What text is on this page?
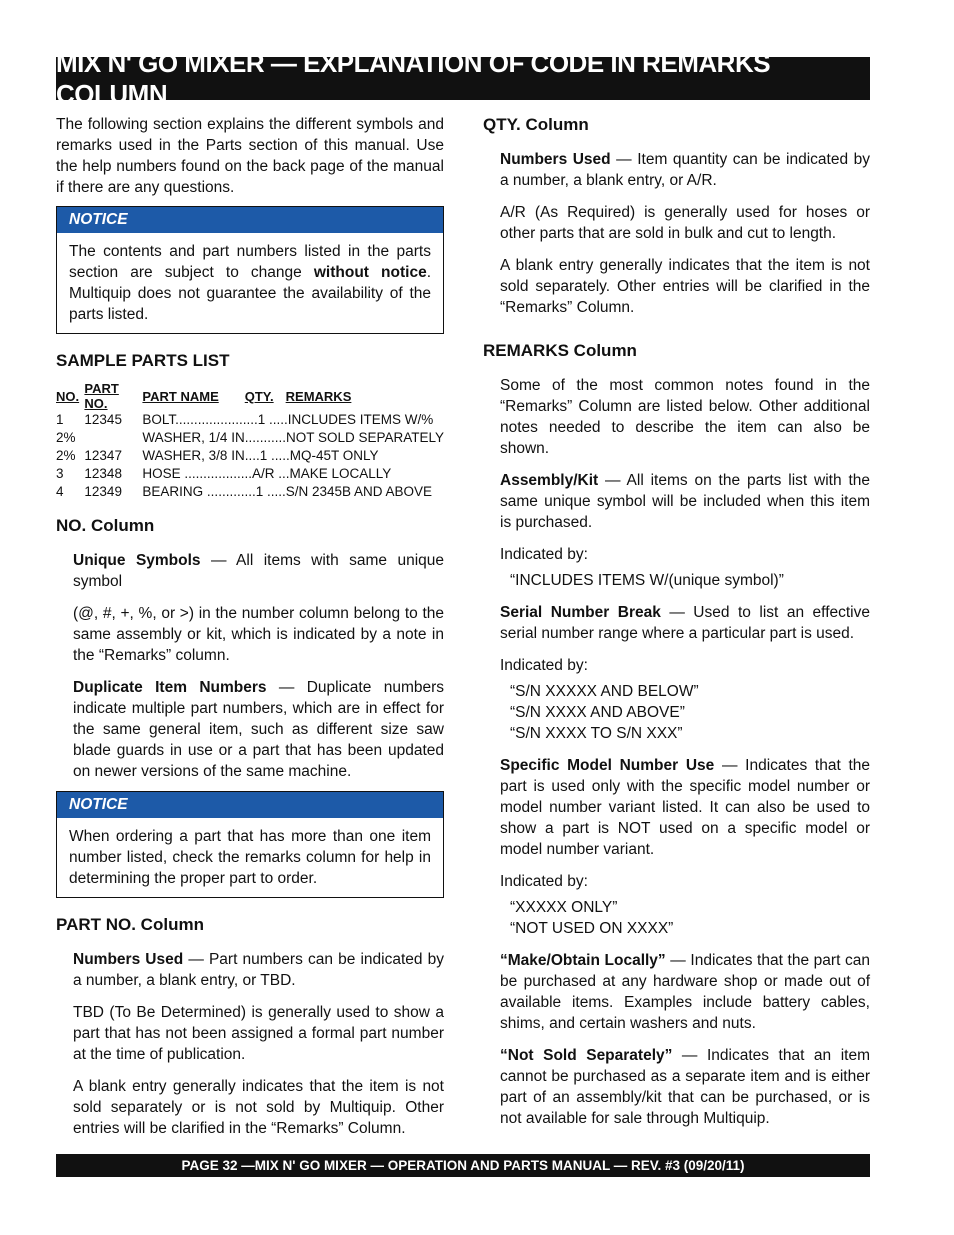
MIX N' GO MIXER — EXPLANATION OF CODE IN REMARKS COLUMN

The following section explains the different symbols and remarks used in the Parts section of this manual. Use the help numbers found on the back page of the manual if there are any questions.

NOTICE
The contents and part numbers listed in the parts section are subject to change without notice. Multiquip does not guarantee the availability of the parts listed.

SAMPLE PARTS LIST

NO.	PART NO.	PART NAME QTY. REMARKS
1	12345	BOLT......................1 .....INCLUDES ITEMS W/%
2%		WASHER, 1/4 IN...........NOT SOLD SEPARATELY
2%	12347	WASHER, 3/8 IN....1 .....MQ-45T ONLY
3	12348	HOSE ..................A/R ...MAKE LOCALLY
4	12349	BEARING .............1 .....S/N 2345B AND ABOVE

NO. Column

Unique Symbols — All items with same unique symbol

(@, #, +, %, or >) in the number column belong to the same assembly or kit, which is indicated by a note in the “Remarks” column.

Duplicate Item Numbers — Duplicate numbers indicate multiple part numbers, which are in effect for the same general item, such as different size saw blade guards in use or a part that has been updated on newer versions of the same machine.

NOTICE
When ordering a part that has more than one item number listed, check the remarks column for help in determining the proper part to order.

PART NO. Column

Numbers Used — Part numbers can be indicated by a number, a blank entry, or TBD.

TBD (To Be Determined) is generally used to show a part that has not been assigned a formal part number at the time of publication.

A blank entry generally indicates that the item is not sold separately or is not sold by Multiquip. Other entries will be clarified in the “Remarks” Column.

QTY. Column

Numbers Used — Item quantity can be indicated by a number, a blank entry, or A/R.

A/R (As Required) is generally used for hoses or other parts that are sold in bulk and cut to length.

A blank entry generally indicates that the item is not sold separately. Other entries will be clarified in the “Remarks” Column.

REMARKS Column

Some of the most common notes found in the “Remarks” Column are listed below. Other additional notes needed to describe the item can also be shown.

Assembly/Kit — All items on the parts list with the same unique symbol will be included when this item is purchased.

Indicated by:

“INCLUDES ITEMS W/(unique symbol)”

Serial Number Break — Used to list an effective serial number range where a particular part is used.

Indicated by:

“S/N XXXXX AND BELOW”

“S/N XXXX AND ABOVE”

“S/N XXXX TO S/N XXX”

Specific Model Number Use — Indicates that the part is used only with the specific model number or model number variant listed. It can also be used to show a part is NOT used on a specific model or model number variant.

Indicated by:

“XXXXX ONLY”

“NOT USED ON XXXX”

“Make/Obtain Locally” — Indicates that the part can be purchased at any hardware shop or made out of available items. Examples include battery cables, shims, and certain washers and nuts.

“Not Sold Separately” — Indicates that an item cannot be purchased as a separate item and is either part of an assembly/kit that can be purchased, or is not available for sale through Multiquip.

PAGE 32 —MIX N' GO MIXER — OPERATION AND PARTS MANUAL — REV. #3 (09/20/11)
